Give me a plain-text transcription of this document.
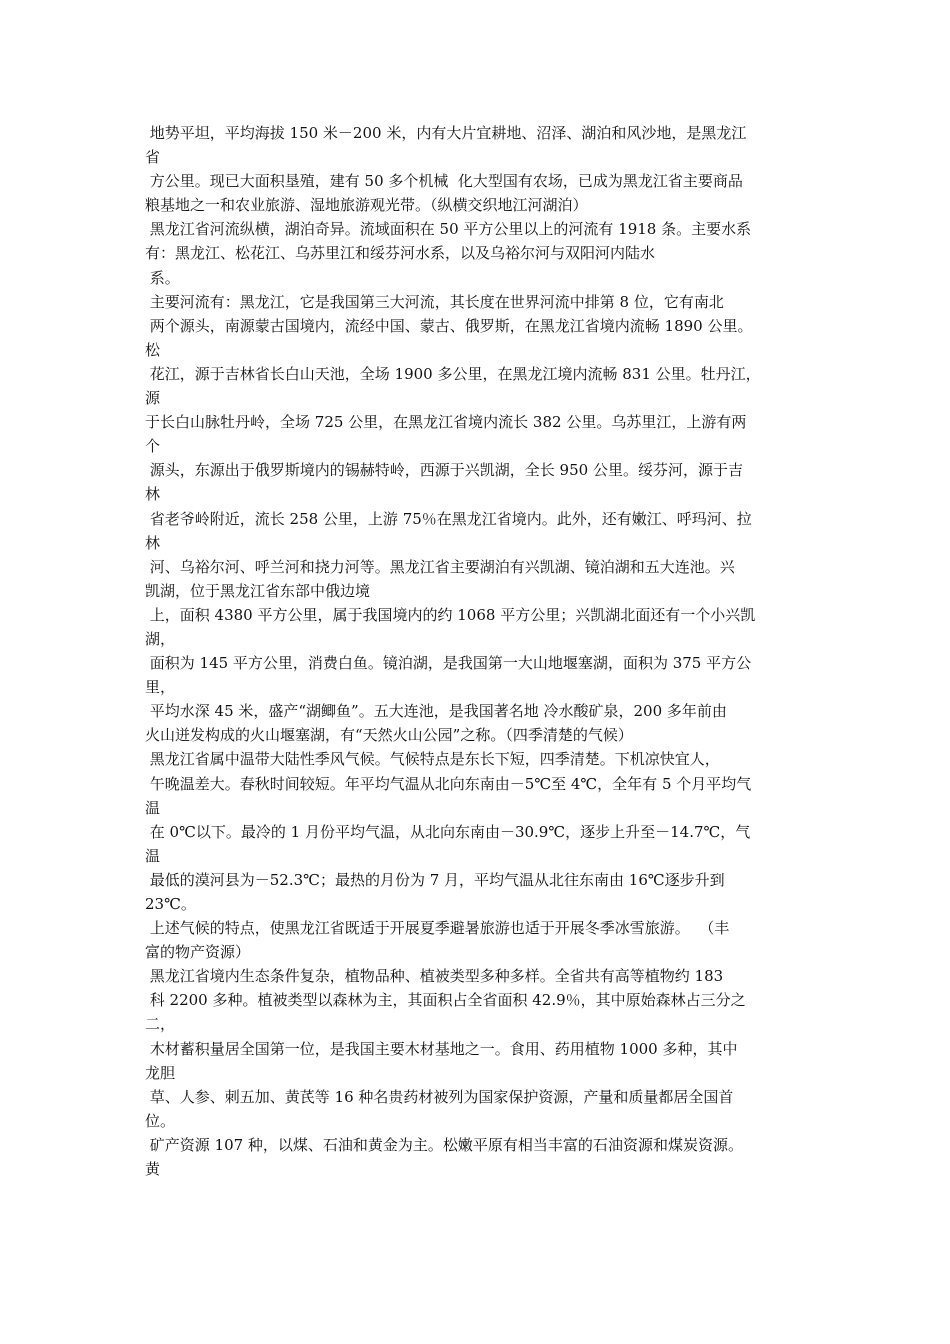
地势平坦，平均海拔 150 米－200 米，内有大片宜耕地、沼泽、湖泊和风沙地，是黑龙江
省
方公里。现已大面积垦殖，建有 50 多个机械  化大型国有农场，已成为黑龙江省主要商品
粮基地之一和农业旅游、湿地旅游观光带。（纵横交织地江河湖泊）
黑龙江省河流纵横，湖泊奇异。流域面积在 50 平方公里以上的河流有 1918 条。主要水系
有：黑龙江、松花江、乌苏里江和绥芬河水系，以及乌裕尔河与双阳河内陆水
系。
主要河流有：黑龙江，它是我国第三大河流，其长度在世界河流中排第 8 位，它有南北
两个源头，南源蒙古国境内，流经中国、蒙古、俄罗斯，在黑龙江省境内流畅 1890 公里。
松
花江，源于吉林省长白山天池，全场 1900 多公里，在黑龙江境内流畅 831 公里。牡丹江，
源
于长白山脉牡丹岭，全场 725 公里，在黑龙江省境内流长 382 公里。乌苏里江，上游有两
个
源头，东源出于俄罗斯境内的锡赫特岭，西源于兴凯湖，全长 950 公里。绥芬河，源于吉
林
省老爷岭附近，流长 258 公里，上游 75％在黑龙江省境内。此外，还有嫩江、呼玛河、拉
林
河、乌裕尔河、呼兰河和挠力河等。黑龙江省主要湖泊有兴凯湖、镜泊湖和五大连池。兴
凯湖，位于黑龙江省东部中俄边境
上，面积 4380 平方公里，属于我国境内的约 1068 平方公里；兴凯湖北面还有一个小兴凯
湖，
面积为 145 平方公里，消费白鱼。镜泊湖，是我国第一大山地堰塞湖，面积为 375 平方公
里，
平均水深 45 米，盛产“湖鲫鱼”。五大连池，是我国著名地 冷水酸矿泉，200 多年前由
火山迸发构成的火山堰塞湖，有“天然火山公园”之称。（四季清楚的气候）
黑龙江省属中温带大陆性季风气候。气候特点是东长下短，四季清楚。下机凉快宜人，
午晚温差大。春秋时间较短。年平均气温从北向东南由－5℃至 4℃，全年有 5 个月平均气
温
在 0℃以下。最冷的 1 月份平均气温，从北向东南由－30.9℃，逐步上升至－14.7℃，气
温
最低的漠河县为－52.3℃；最热的月份为 7 月，平均气温从北往东南由 16℃逐步升到
23℃。
上述气候的特点，使黑龙江省既适于开展夏季避暑旅游也适于开展冬季冰雪旅游。  （丰
富的物产资源）
黑龙江省境内生态条件复杂，植物品种、植被类型多种多样。全省共有高等植物约 183
科 2200 多种。植被类型以森林为主，其面积占全省面积 42.9％，其中原始森林占三分之
二，
木材蓄积量居全国第一位，是我国主要木材基地之一。食用、药用植物 1000 多种，其中
龙胆
草、人参、刺五加、黄芪等 16 种名贵药材被列为国家保护资源，产量和质量都居全国首
位。
矿产资源 107 种，以煤、石油和黄金为主。松嫩平原有相当丰富的石油资源和煤炭资源。
黄
